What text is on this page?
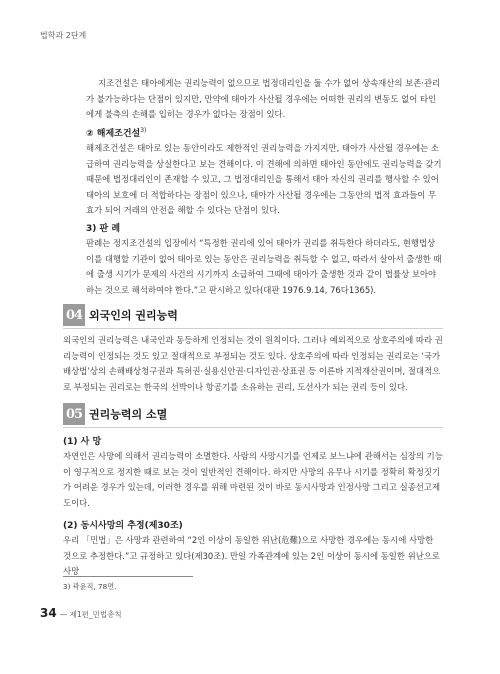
법학과 2단계
지조건설은 태아에게는 권리능력이 없으므로 법정대리인을 둘 수가 없어 상속재산의 보존·관리가 불가능하다는 단점이 있지만, 만약에 태아가 사산될 경우에는 어떠한 권리의 변동도 없어 타인에게 불측의 손해를 입히는 경우가 없다는 장점이 있다.
② 해제조건설$^{3)}$
해제조건설은 태아로 있는 동안이라도 제한적인 권리능력을 가지지만, 태아가 사산될 경우에는 소급하여 권리능력을 상실한다고 보는 견해이다. 이 견해에 의하면 태아인 동안에도 권리능력을 갖기 때문에 법정대리인이 존재할 수 있고, 그 법정대리인을 통해서 태아 자신의 권리를 행사할 수 있어 태아의 보호에 더 적합하다는 장점이 있으나, 태아가 사산될 경우에는 그동안의 법적 효과들이 무효가 되어 거래의 안전을 해할 수 있다는 단점이 있다.
3) 판 례
판례는 정지조건설의 입장에서 “특정한 권리에 있어 태아가 권리를 취득한다 하더라도, 현행법상 이를 대행할 기관이 없어 태아로 있는 동안은 권리능력을 취득할 수 없고, 따라서 살아서 출생한 때에 출생 시기가 문제의 사건의 시기까지 소급하여 그때에 태아가 출생한 것과 같이 법률상 보아야 하는 것으로 해석하여야 한다.”고 판시하고 있다(대판 1976.9.14, 76다1365).
04 외국인의 권리능력
외국인의 권리능력은 내국인과 동등하게 인정되는 것이 원칙이다. 그러나 예외적으로 상호주의에 따라 권리능력이 인정되는 것도 있고 절대적으로 부정되는 것도 있다. 상호주의에 따라 인정되는 권리로는 ‘국가배상법’상의 손해배상청구권과 특허권·실용신안권·디자인권·상표권 등 이른바 지적재산권이며, 절대적으로 부정되는 권리로는 한국의 선박이나 항공기를 소유하는 권리, 도선사가 되는 권리 등이 있다.
05 권리능력의 소멸
(1) 사 망
자연인은 사망에 의해서 권리능력이 소멸한다. 사람의 사망시기를 언제로 보느냐에 관해서는 심장의 기능이 영구적으로 정지한 때로 보는 것이 일반적인 견해이다. 하지만 사망의 유무나 시기를 정확히 확정짓기가 어려운 경우가 있는데, 이러한 경우를 위해 마련된 것이 바로 동시사망과 인정사망 그리고 실종선고제도이다.
(2) 동시사망의 추정(제30조)
우리 「민법」은 사망과 관련하여 “2인 이상이 동일한 위난(危難)으로 사망한 경우에는 동시에 사망한 것으로 추정한다.”고 규정하고 있다(제30조). 만일 가족관계에 있는 2인 이상이 동시에 동일한 위난으로 사망
3) 곽윤직, 78면.
34 — 제1편_민법총칙
